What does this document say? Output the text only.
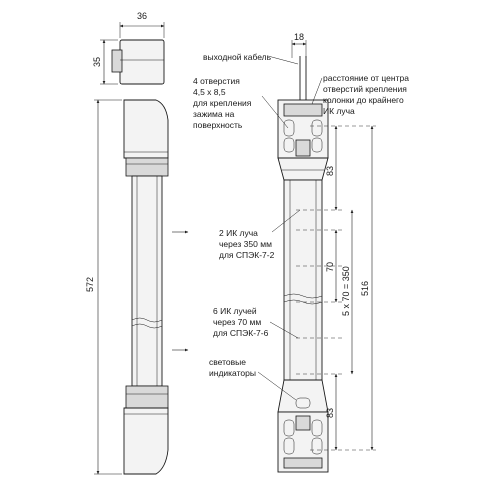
36
35
572
18
83
70
83
5 x 70 = 350 516
выходной кабель
4 отверстия
4,5 x 8,5
для крепления
зажима на
поверхность
расстояние от центра
отверстий крепления
колонки до крайнего
ИК луча
2 ИК луча
через 350 мм
для СПЭК-7-2
6 ИК лучей
через 70 мм
для СПЭК-7-6
световые
индикаторы
